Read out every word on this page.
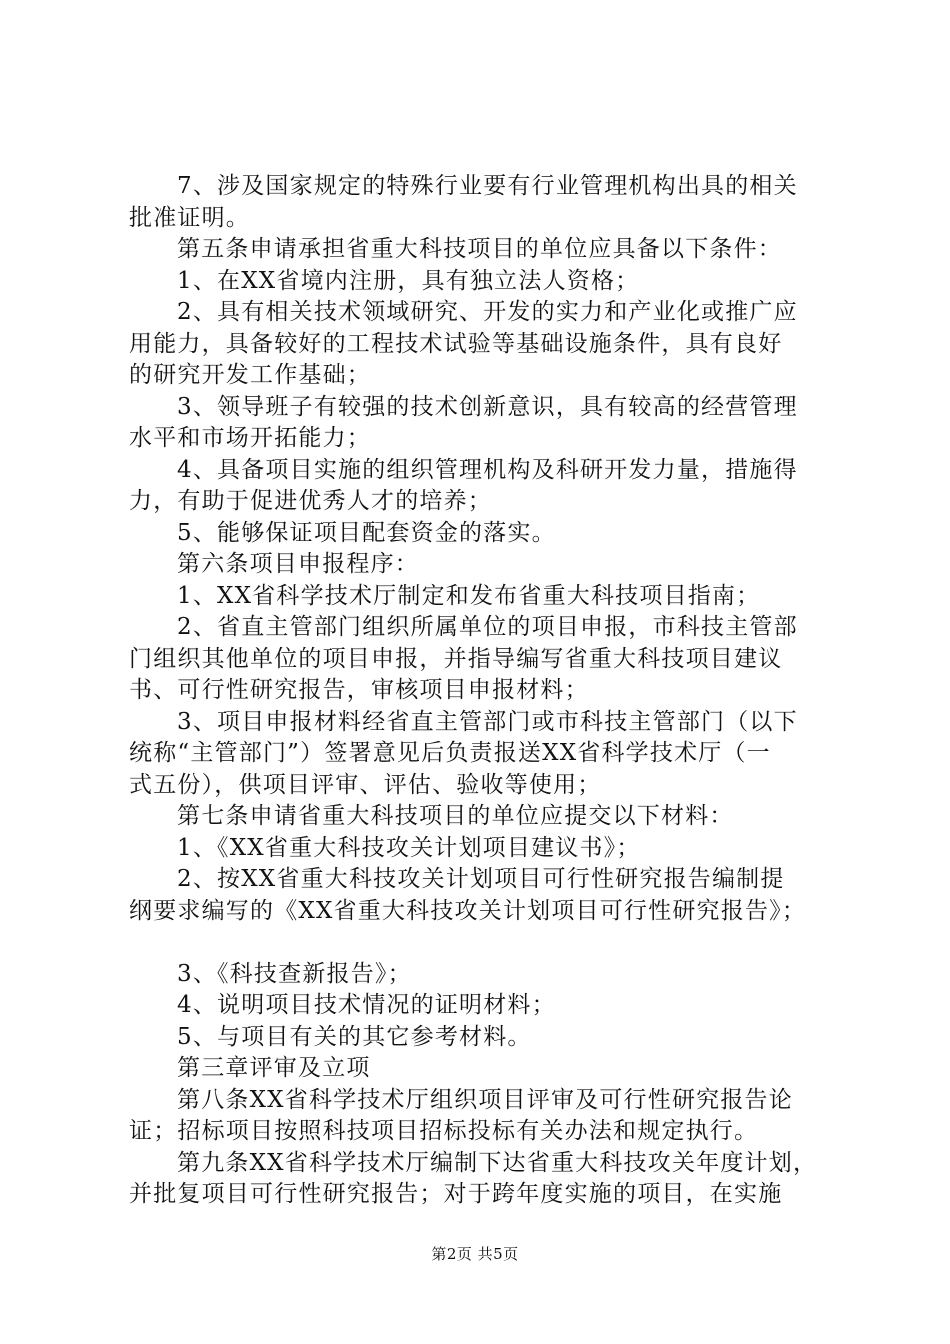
7、涉及国家规定的特殊行业要有行业管理机构出具的相关
批准证明。
第五条申请承担省重大科技项目的单位应具备以下条件：
1、在XX省境内注册，具有独立法人资格；
2、具有相关技术领域研究、开发的实力和产业化或推广应
用能力，具备较好的工程技术试验等基础设施条件，具有良好
的研究开发工作基础；
3、领导班子有较强的技术创新意识，具有较高的经营管理
水平和市场开拓能力；
4、具备项目实施的组织管理机构及科研开发力量，措施得
力，有助于促进优秀人才的培养；
5、能够保证项目配套资金的落实。
第六条项目申报程序：
1、XX省科学技术厅制定和发布省重大科技项目指南；
2、省直主管部门组织所属单位的项目申报，市科技主管部
门组织其他单位的项目申报，并指导编写省重大科技项目建议
书、可行性研究报告，审核项目申报材料；
3、项目申报材料经省直主管部门或市科技主管部门（以下
统称“主管部门”）签署意见后负责报送XX省科学技术厅（一
式五份），供项目评审、评估、验收等使用；
第七条申请省重大科技项目的单位应提交以下材料：
1、《XX省重大科技攻关计划项目建议书》；
2、按XX省重大科技攻关计划项目可行性研究报告编制提
纲要求编写的《XX省重大科技攻关计划项目可行性研究报告》；
3、《科技查新报告》；
4、说明项目技术情况的证明材料；
5、与项目有关的其它参考材料。
第三章评审及立项
第八条XX省科学技术厅组织项目评审及可行性研究报告论
证；招标项目按照科技项目招标投标有关办法和规定执行。
第九条XX省科学技术厅编制下达省重大科技攻关年度计划，
并批复项目可行性研究报告；对于跨年度实施的项目，在实施
第2页 共5页
